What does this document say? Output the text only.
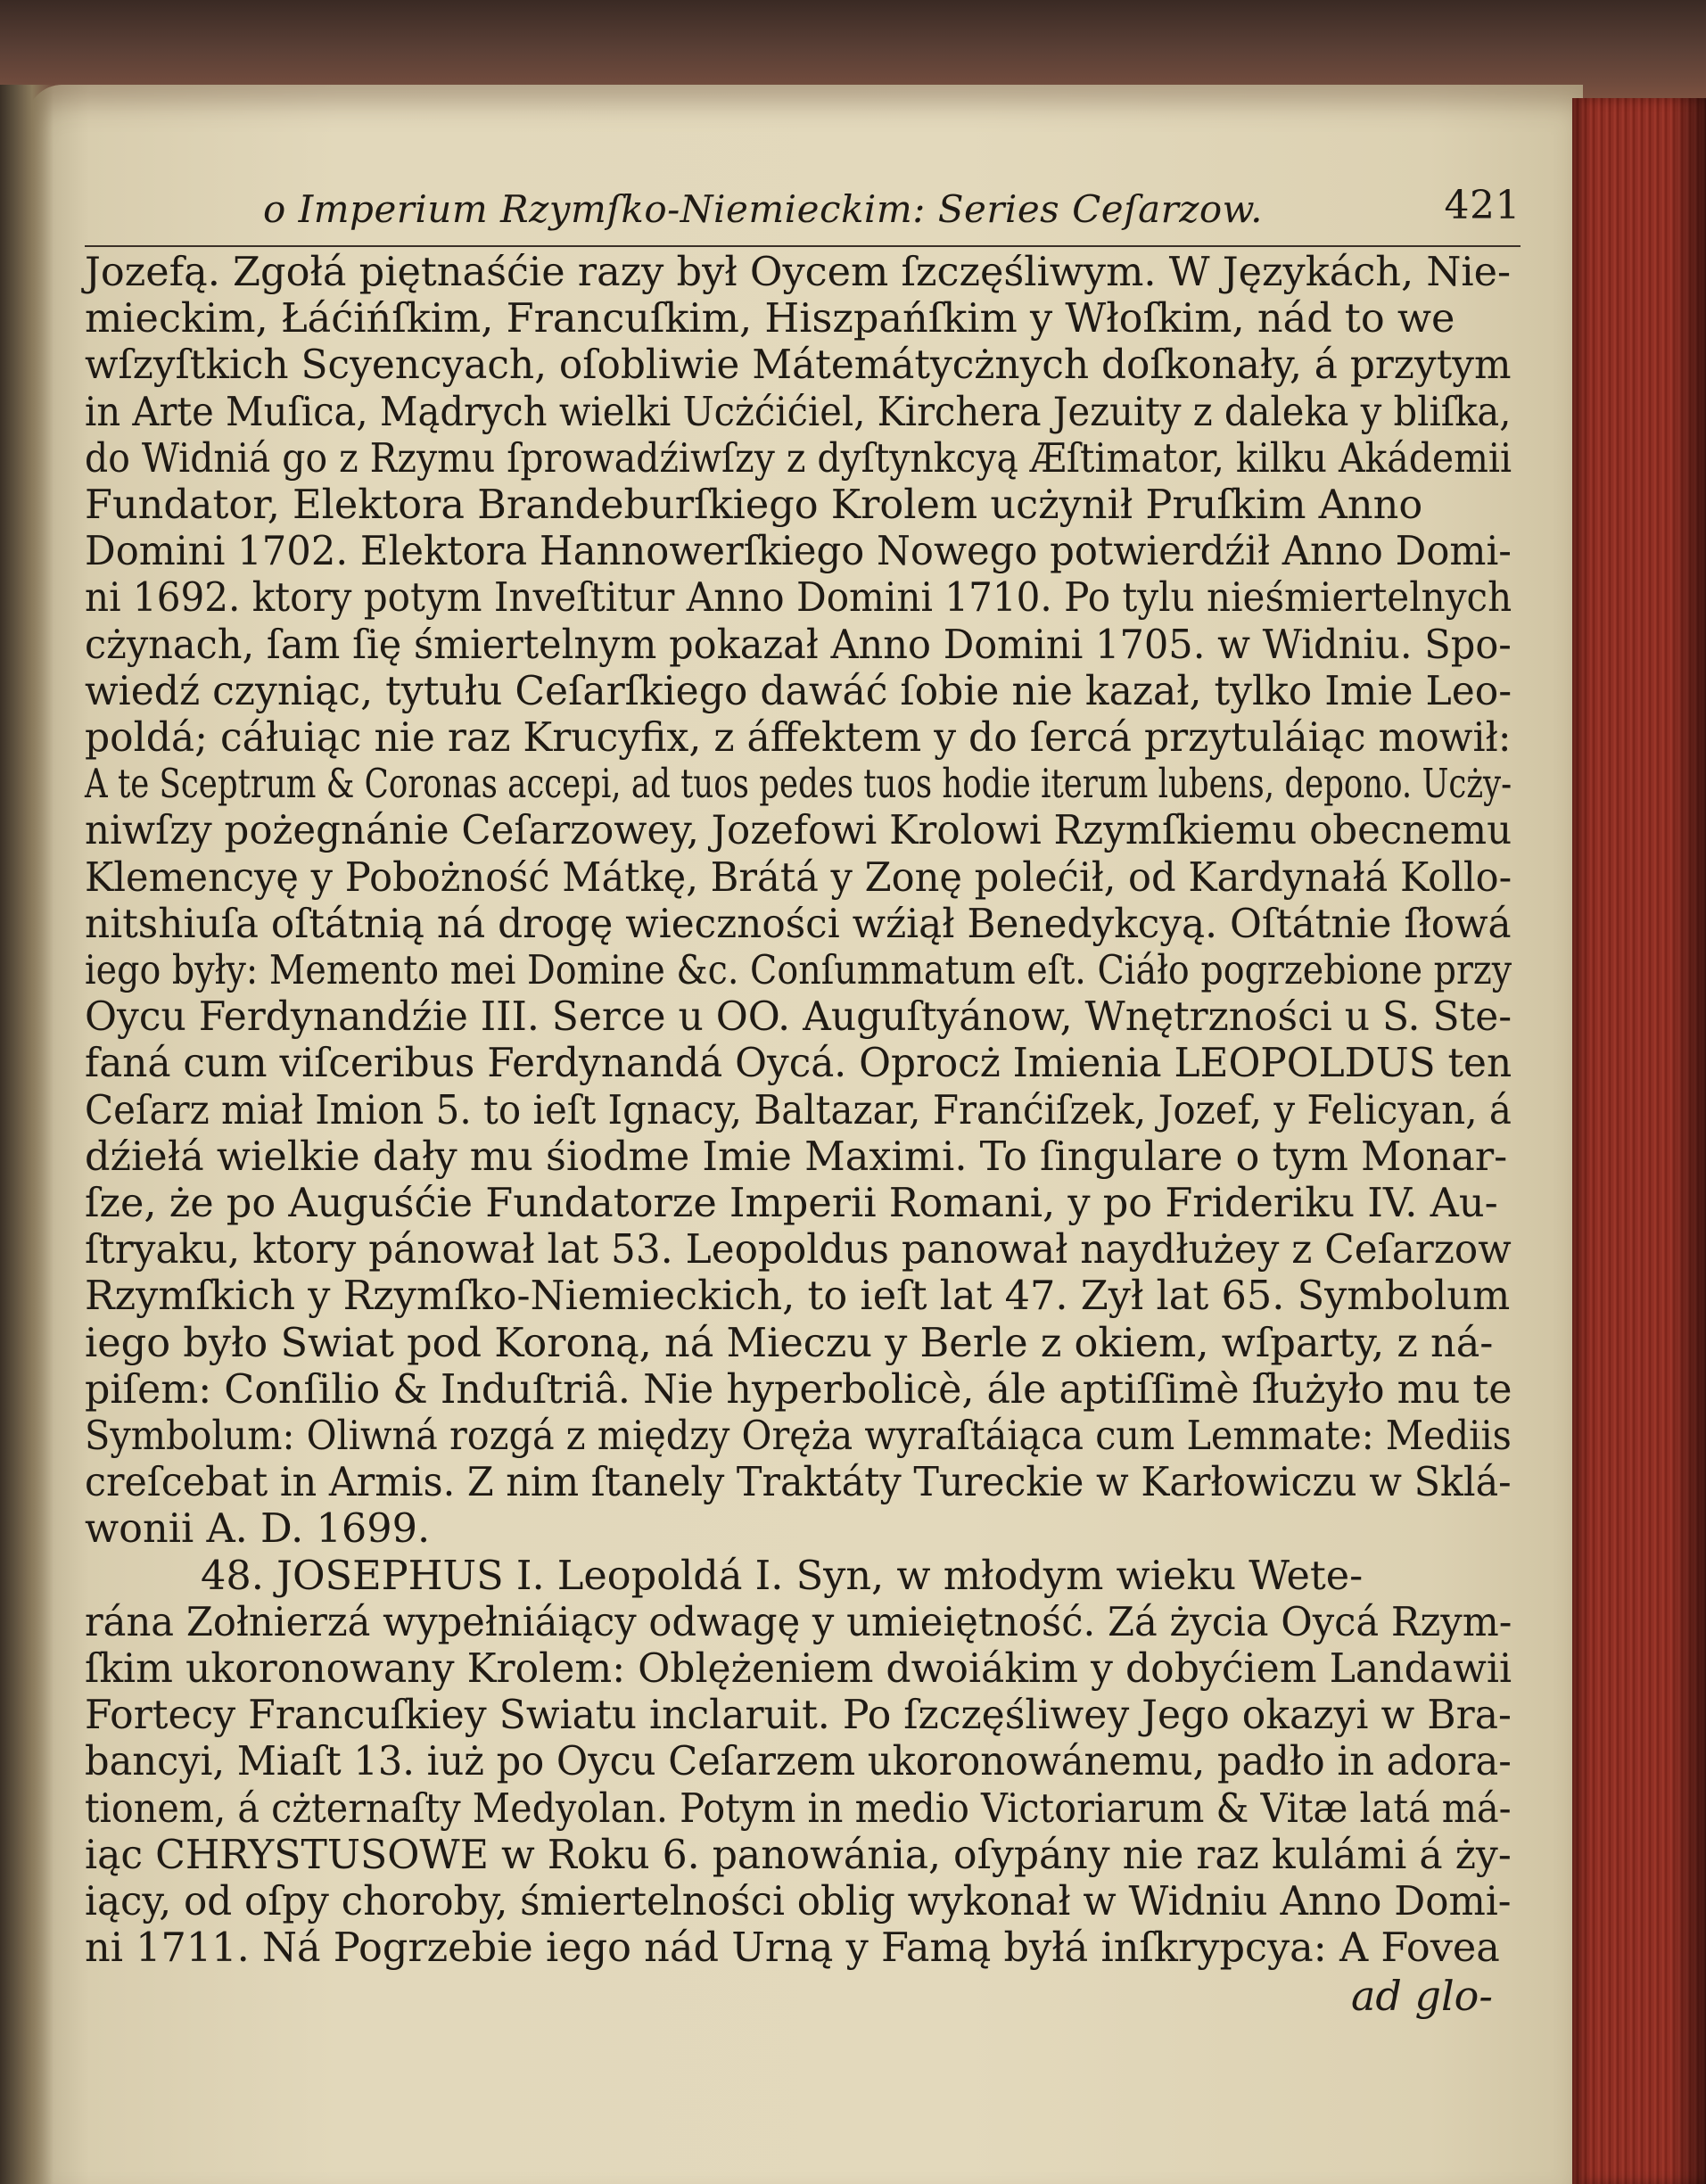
o Imperium Rzymſko-Niemieckim: Series Ceſarzow.	421
Jozefą. Zgołá piętnaśćie razy był Oycem ſzczęśliwym. W Językách, Nie-
mieckim, Łáćińſkim, Francuſkim, Hiszpańſkim y Włoſkim, nád to we
wſzyſtkich Scyencyach, oſobliwie Mátemátycżnych doſkonały, á przytym
in Arte Muſica, Mądrych wielki Ucżćićiel, Kirchera Jezuity z daleka y bliſka,
do Widniá go z Rzymu ſprowadźiwſzy z dyſtynkcyą Æſtimator, kilku Akádemii
Fundator, Elektora Brandeburſkiego Krolem ucżynił Pruſkim Anno
Domini 1702. Elektora Hannowerſkiego Nowego potwierdźił Anno Domi-
ni 1692. ktory potym Inveſtitur Anno Domini 1710. Po tylu nieśmiertelnych
cżynach, ſam ſię śmiertelnym pokazał Anno Domini 1705. w Widniu. Spo-
wiedź czyniąc, tytułu Ceſarſkiego dawáć ſobie nie kazał, tylko Imie Leo-
poldá; cáłuiąc nie raz Krucyfix, z áffektem y do ſercá przytuláiąc mowił:
A te Sceptrum & Coronas accepi, ad tuos pedes tuos hodie iterum lubens, depono. Ucży-
niwſzy pożegnánie Ceſarzowey, Jozefowi Krolowi Rzymſkiemu obecnemu
Klemencyę y Pobożność Mátkę, Brátá y Zonę polećił, od Kardynałá Kollo-
nitshiuſa oſtátnią ná drogę wieczności wźiął Benedykcyą. Oſtátnie ſłowá
iego były: Memento mei Domine &c. Conſummatum eſt. Ciáło pogrzebione przy
Oycu Ferdynandźie III. Serce u OO. Auguſtyánow, Wnętrzności u S. Ste-
faná cum viſceribus Ferdynandá Oycá. Oprocż Imienia LEOPOLDUS ten
Ceſarz miał Imion 5. to ieſt Ignacy, Baltazar, Franćiſzek, Jozef, y Felicyan, á
dźiełá wielkie dały mu śiodme Imie Maximi. To ſingulare o tym Monar-
ſze, że po Auguśćie Fundatorze Imperii Romani, y po Frideriku IV. Au-
ſtryaku, ktory pánował lat 53. Leopoldus panował naydłużey z Ceſarzow
Rzymſkich y Rzymſko-Niemieckich, to ieſt lat 47. Zył lat 65. Symbolum
iego było Swiat pod Koroną, ná Mieczu y Berle z okiem, wſparty, z ná-
piſem: Conſilio & Induſtriâ. Nie hyperbolicè, ále aptiſſimè ſłużyło mu te
Symbolum: Oliwná rozgá z między Oręża wyraſtáiąca cum Lemmate: Mediis
creſcebat in Armis. Z nim ſtanely Traktáty Tureckie w Karłowiczu w Sklá-
wonii A. D. 1699.
48. JOSEPHUS I. Leopoldá I. Syn, w młodym wieku Wete-
rána Zołnierzá wypełniáiący odwagę y umieiętność. Zá życia Oycá Rzym-
ſkim ukoronowany Krolem: Oblężeniem dwoiákim y dobyćiem Landawii
Fortecy Francuſkiey Swiatu inclaruit. Po ſzczęśliwey Jego okazyi w Bra-
bancyi, Miaſt 13. iuż po Oycu Ceſarzem ukoronowánemu, padło in adora-
tionem, á cżternaſty Medyolan. Potym in medio Victoriarum & Vitæ latá má-
iąc CHRYSTUSOWE w Roku 6. panowánia, oſypány nie raz kulámi á ży-
iący, od oſpy choroby, śmiertelności oblig wykonał w Widniu Anno Domi-
ni 1711. Ná Pogrzebie iego nád Urną y Famą byłá inſkrypcya: A Fovea
ad glo-
